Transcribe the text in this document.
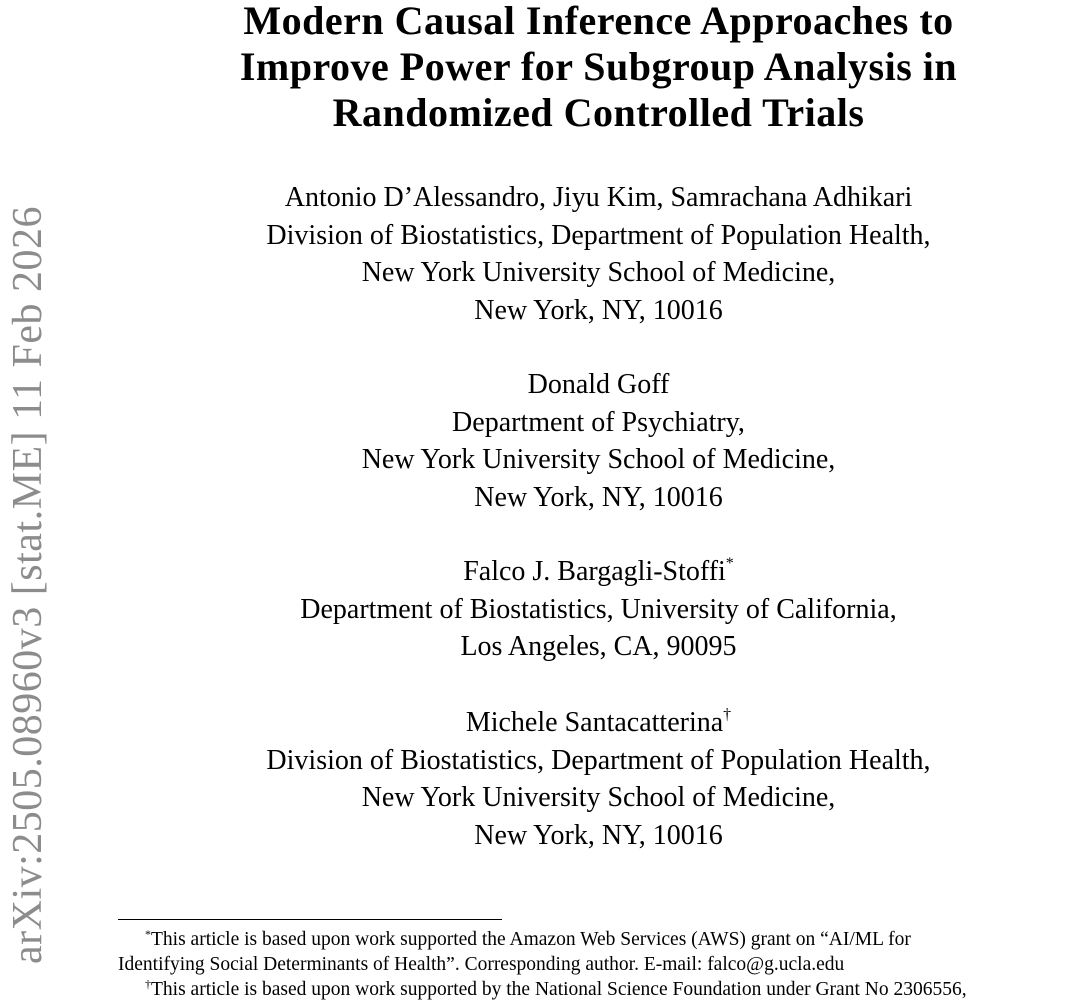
arXiv:2505.08960v3 [stat.ME] 11 Feb 2026
Modern Causal Inference Approaches to
Improve Power for Subgroup Analysis in
Randomized Controlled Trials
Antonio D’Alessandro, Jiyu Kim, Samrachana Adhikari
Division of Biostatistics, Department of Population Health,
New York University School of Medicine,
New York, NY, 10016
Donald Goff
Department of Psychiatry,
New York University School of Medicine,
New York, NY, 10016
Falco J. Bargagli-Stoffi*
Department of Biostatistics, University of California,
Los Angeles, CA, 90095
Michele Santacatterina†
Division of Biostatistics, Department of Population Health,
New York University School of Medicine,
New York, NY, 10016
*This article is based upon work supported the Amazon Web Services (AWS) grant on “AI/ML for
Identifying Social Determinants of Health”. Corresponding author. E-mail: falco@g.ucla.edu
†This article is based upon work supported by the National Science Foundation under Grant No 2306556,
